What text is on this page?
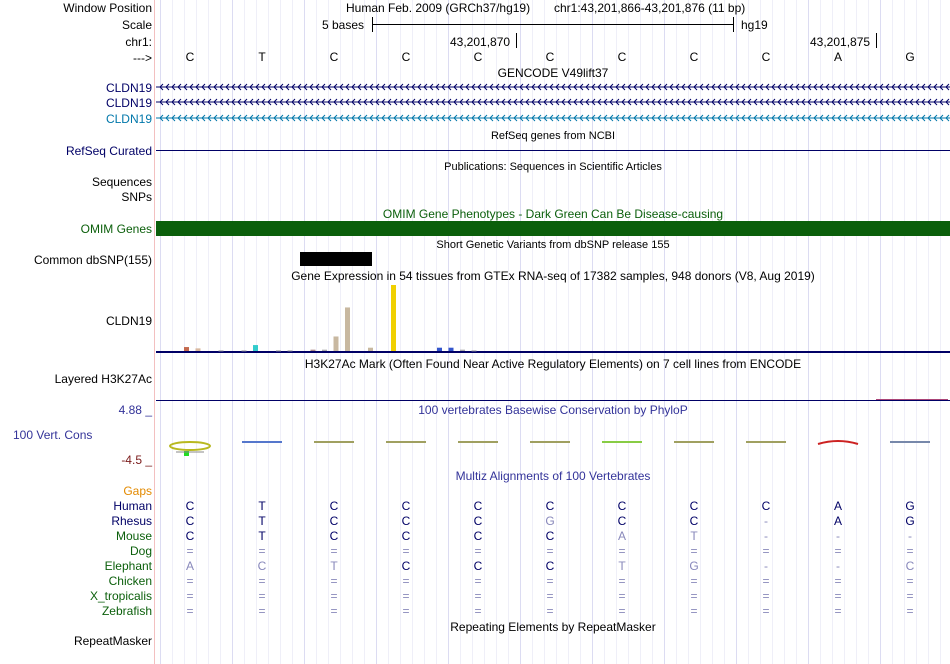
Window Position	Human Feb. 2009 (GRCh37/hg19) chr1:43,201,866-43,201,876 (11 bp)
Scale	5 bases	hg19
chr1:	43,201,870	43,201,875
--->	C	T	C	C	C	C	C	C	C	A	G
GENCODE V49lift37
CLDN19
CLDN19
CLDN19
RefSeq genes from NCBI
RefSeq Curated
Publications: Sequences in Scientific Articles
Sequences
SNPs
OMIM Gene Phenotypes - Dark Green Can Be Disease-causing
OMIM Genes
Short Genetic Variants from dbSNP release 155
Common dbSNP(155)
Gene Expression in 54 tissues from GTEx RNA-seq of 17382 samples, 948 donors (V8, Aug 2019)
CLDN19
H3K27Ac Mark (Often Found Near Active Regulatory Elements) on 7 cell lines from ENCODE
Layered H3K27Ac
100 vertebrates Basewise Conservation by PhyloP
4.88 _
100 Vert. Cons
-4.5 _
Multiz Alignments of 100 Vertebrates
Gaps
Human	C	T	C	C	C	C	C	C	C	A	G
Rhesus	C	T	C	C	C	G	C	C	-	A	G
Mouse	C	T	C	C	C	C	A	T	-	-	-
Dog	=	=	=	=	=	=	=	=	=	=	=
Elephant	A	C	T	C	C	C	T	G	-	-	C
Chicken	=	=	=	=	=	=	=	=	=	=	=
X_tropicalis	=	=	=	=	=	=	=	=	=	=	=
Zebrafish	=	=	=	=	=	=	=	=	=	=	=
Repeating Elements by RepeatMasker
RepeatMasker
